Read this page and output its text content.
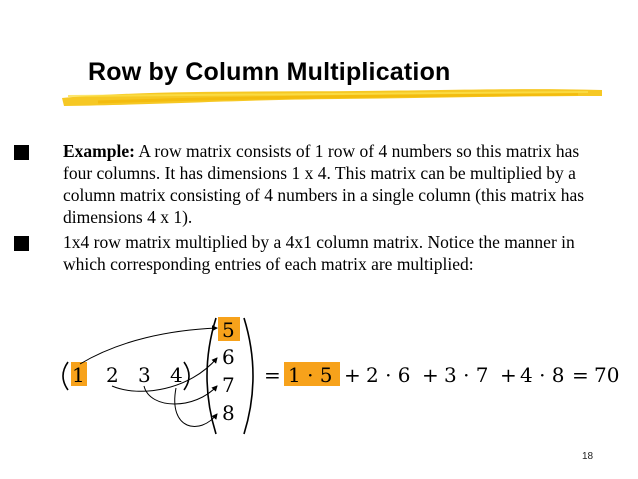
Row by Column Multiplication
Example: A row matrix consists of 1 row of 4 numbers so this matrix has four columns. It has dimensions 1 x 4. This matrix can be multiplied by a column matrix consisting of 4 numbers in a single column (this matrix has dimensions 4 x 1).
1x4 row matrix multiplied by a 4x1 column matrix. Notice the manner in which corresponding entries of each matrix are multiplied:
1 2 3 4
5
6
7
8
= 1 · 5 + 2 · 6 + 3 · 7 + 4 · 8 = 70
18
